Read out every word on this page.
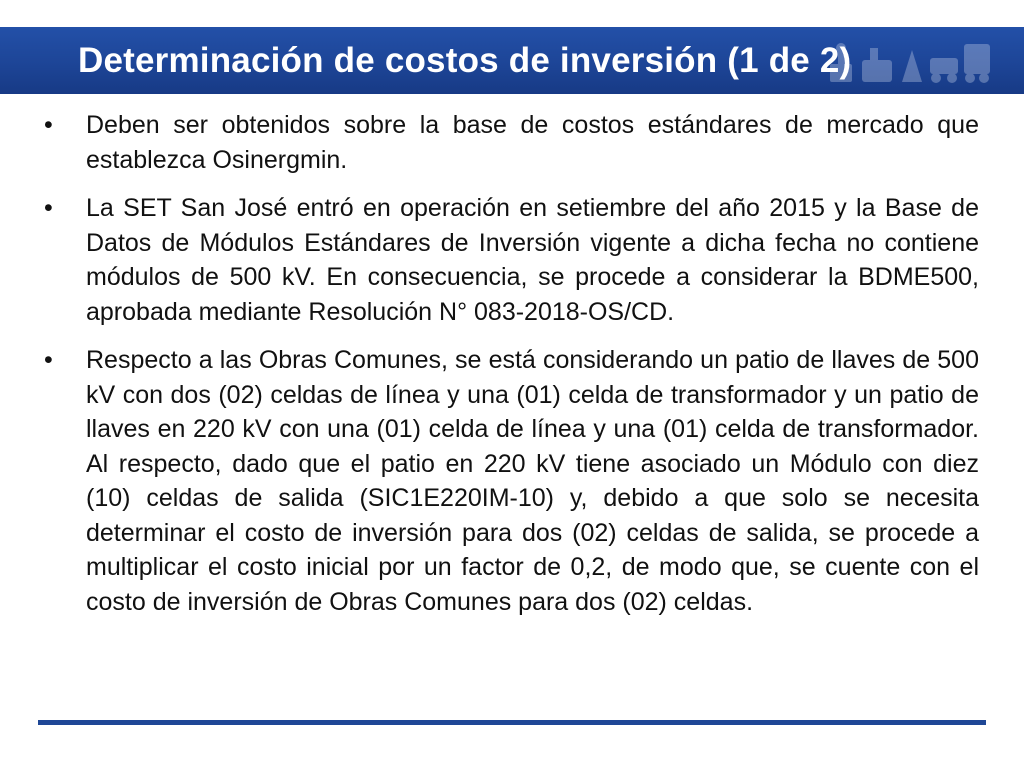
Determinación de costos de inversión (1 de 2)
• Deben ser obtenidos sobre la base de costos estándares de mercado que establezca Osinergmin.

• La SET San José entró en operación en setiembre del año 2015 y la Base de Datos de Módulos Estándares de Inversión vigente a dicha fecha no contiene módulos de 500 kV. En consecuencia, se procede a considerar la BDME500, aprobada mediante Resolución N° 083-2018-OS/CD.

• Respecto a las Obras Comunes, se está considerando un patio de llaves de 500 kV con dos (02) celdas de línea y una (01) celda de transformador y un patio de llaves en 220 kV con una (01) celda de línea y una (01) celda de transformador. Al respecto, dado que el patio en 220 kV tiene asociado un Módulo con diez (10) celdas de salida (SIC1E220IM-10) y, debido a que solo se necesita determinar el costo de inversión para dos (02) celdas de salida, se procede a multiplicar el costo inicial por un factor de 0,2, de modo que, se cuente con el costo de inversión de Obras Comunes para dos (02) celdas.
